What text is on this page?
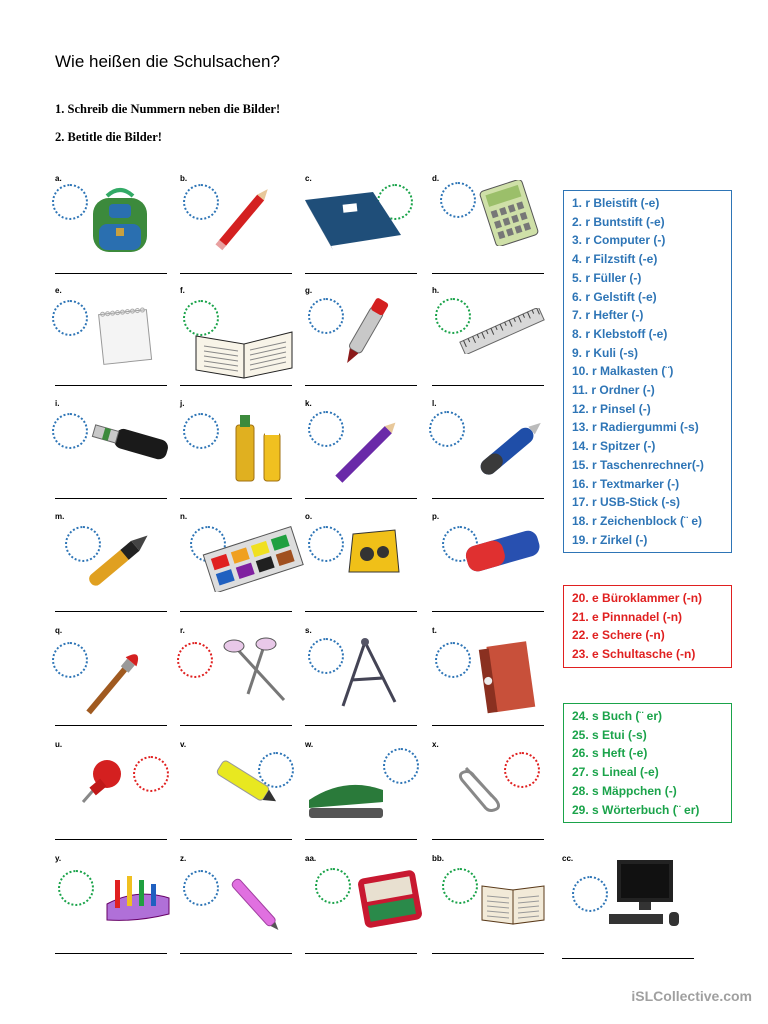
Wie heißen die Schulsachen?
1. Schreib die Nummern neben die Bilder!
2. Betitle die Bilder!
a.	b.	c.	d.
e.	f.	g.	h.
i.	j.	k.	l.
m.	n.	o.	p.
q.	r.	s.	t.
u.	v.	w.	x.
y.	z.	aa.	bb.	cc.
1. r Bleistift (-e)
2. r Buntstift (-e)
3. r Computer (-)
4. r Filzstift (-e)
5. r Füller (-)
6. r Gelstift (-e)
7. r Hefter (-)
8. r Klebstoff (-e)
9. r Kuli (-s)
10. r Malkasten (¨)
11. r Ordner (-)
12. r Pinsel (-)
13. r Radiergummi (-s)
14. r Spitzer (-)
15. r Taschenrechner(-)
16. r Textmarker (-)
17. r USB-Stick (-s)
18. r Zeichenblock (¨ e)
19. r Zirkel (-)
20. e Büroklammer (-n)
21. e Pinnnadel (-n)
22. e Schere (-n)
23. e Schultasche (-n)
24. s Buch (¨ er)
25. s Etui (-s)
26. s Heft (-e)
27. s Lineal (-e)
28. s Mäppchen (-)
29. s Wörterbuch (¨ er)
iSLCollective.com
